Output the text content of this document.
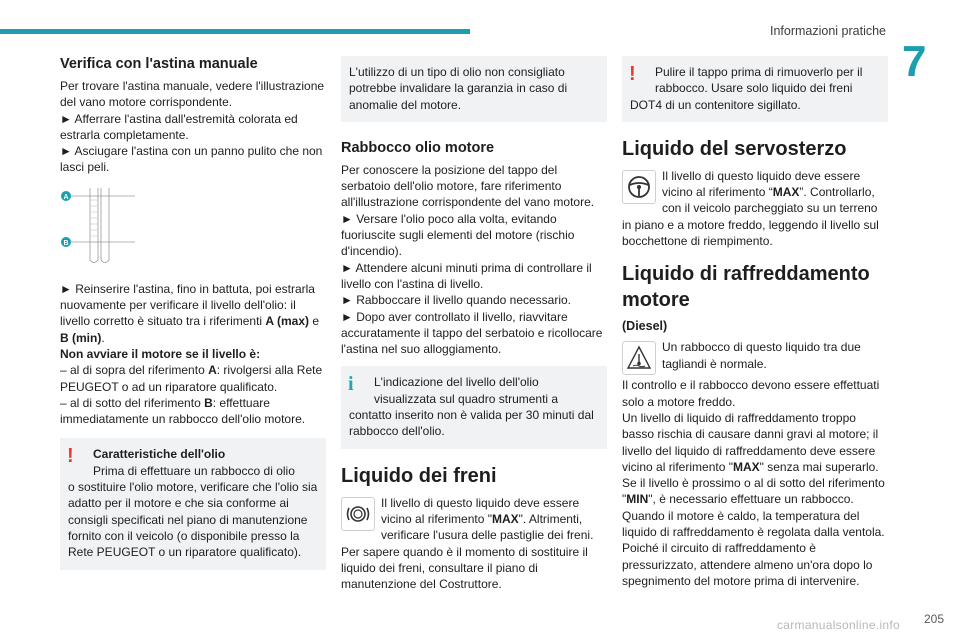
Informazioni pratiche
7
Verifica con l'astina manuale
Per trovare l'astina manuale, vedere l'illustrazione del vano motore corrispondente.
► Afferrare l'astina dall'estremità colorata ed estrarla completamente.
► Asciugare l'astina con un panno pulito che non lasci peli.
A
B
► Reinserire l'astina, fino in battuta, poi estrarla nuovamente per verificare il livello dell'olio: il livello corretto è situato tra i riferimenti A (max) e B (min).
Non avviare il motore se il livello è:
– al di sopra del riferimento A: rivolgersi alla Rete PEUGEOT o ad un riparatore qualificato.
– al di sotto del riferimento B: effettuare immediatamente un rabbocco dell'olio motore.
!	Caratteristiche dell'olio
Prima di effettuare un rabbocco di olio
o sostituire l'olio motore, verificare che l'olio sia adatto per il motore e che sia conforme ai consigli specificati nel piano di manutenzione fornito con il veicolo (o disponibile presso la Rete PEUGEOT o un riparatore qualificato).
L'utilizzo di un tipo di olio non consigliato potrebbe invalidare la garanzia in caso di anomalie del motore.
Rabbocco olio motore
Per conoscere la posizione del tappo del serbatoio dell'olio motore, fare riferimento all'illustrazione corrispondente del vano motore.
► Versare l'olio poco alla volta, evitando fuoriuscite sugli elementi del motore (rischio d'incendio).
► Attendere alcuni minuti prima di controllare il livello con l'astina di livello.
► Rabboccare il livello quando necessario.
► Dopo aver controllato il livello, riavvitare accuratamente il tappo del serbatoio e ricollocare l'astina nel suo alloggiamento.
i	L'indicazione del livello dell'olio
visualizzata sul quadro strumenti a
contatto inserito non è valida per 30 minuti dal rabbocco dell'olio.
Liquido dei freni
Il livello di questo liquido deve essere vicino al riferimento "MAX". Altrimenti, verificare l'usura delle pastiglie dei freni.
Per sapere quando è il momento di sostituire il liquido dei freni, consultare il piano di manutenzione del Costruttore.
!	Pulire il tappo prima di rimuoverlo per il
rabbocco. Usare solo liquido dei freni
DOT4 di un contenitore sigillato.
Liquido del servosterzo
Il livello di questo liquido deve essere vicino al riferimento “MAX”. Controllarlo, con il veicolo parcheggiato su un terreno in piano e a motore freddo, leggendo il livello sul bocchettone di riempimento.
Liquido di raffreddamento motore
(Diesel)
Un rabbocco di questo liquido tra due tagliandi è normale.
Il controllo e il rabbocco devono essere effettuati solo a motore freddo.
Un livello di liquido di raffreddamento troppo basso rischia di causare danni gravi al motore; il livello del liquido di raffreddamento deve essere vicino al riferimento "MAX" senza mai superarlo.
Se il livello è prossimo o al di sotto del riferimento "MIN", è necessario effettuare un rabbocco.
Quando il motore è caldo, la temperatura del liquido di raffreddamento è regolata dalla ventola.
Poiché il circuito di raffreddamento è pressurizzato, attendere almeno un'ora dopo lo spegnimento del motore prima di intervenire.
205
carmanualsonline.info
